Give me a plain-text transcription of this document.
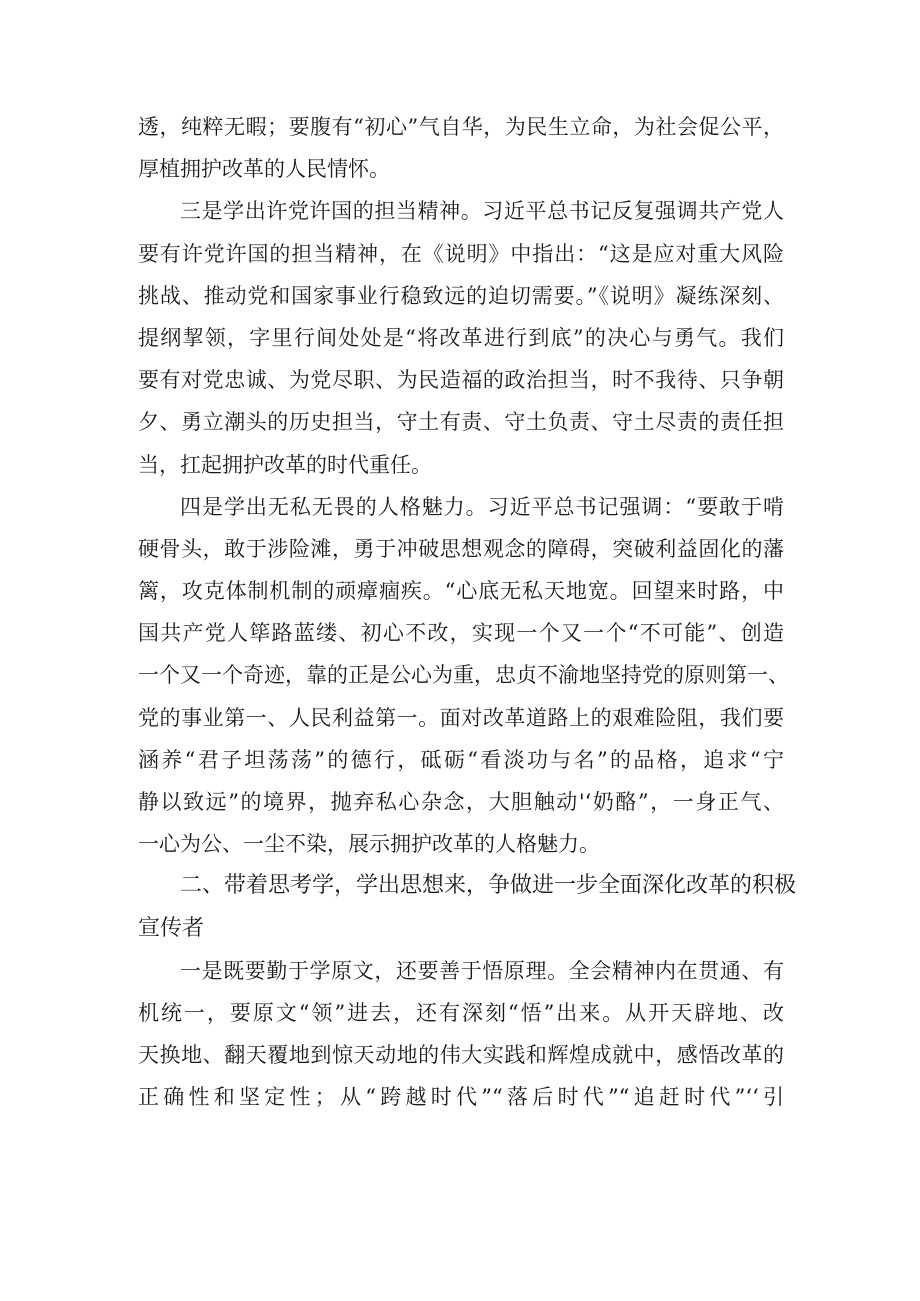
透，纯粹无暇；要腹有“初心”气自华，为民生立命，为社会促公平，
厚植拥护改革的人民情怀。
三是学出许党许国的担当精神。习近平总书记反复强调共产党人
要有许党许国的担当精神，在《说明》中指出：“这是应对重大风险
挑战、推动党和国家事业行稳致远的迫切需要。”《说明》凝练深刻、
提纲挈领，字里行间处处是“将改革进行到底”的决心与勇气。我们
要有对党忠诚、为党尽职、为民造福的政治担当，时不我待、只争朝
夕、勇立潮头的历史担当，守土有责、守土负责、守土尽责的责任担
当，扛起拥护改革的时代重任。
四是学出无私无畏的人格魅力。习近平总书记强调：“要敢于啃
硬骨头，敢于涉险滩，勇于冲破思想观念的障碍，突破利益固化的藩
篱，攻克体制机制的顽瘴痼疾。“心底无私天地宽。回望来时路，中
国共产党人筚路蓝缕、初心不改，实现一个又一个“不可能”、创造
一个又一个奇迹，靠的正是公心为重，忠贞不渝地坚持党的原则第一、
党的事业第一、人民利益第一。面对改革道路上的艰难险阻，我们要
涵养“君子坦荡荡”的德行，砥砺“看淡功与名”的品格，追求“宁
静以致远”的境界，抛弃私心杂念，大胆触动'‘奶酪”，一身正气、
一心为公、一尘不染，展示拥护改革的人格魅力。
二、带着思考学，学出思想来，争做进一步全面深化改革的积极
宣传者
一是既要勤于学原文，还要善于悟原理。全会精神内在贯通、有
机统一，要原文“领”进去，还有深刻“悟”出来。从开天辟地、改
天换地、翻天覆地到惊天动地的伟大实践和辉煌成就中，感悟改革的
正确性和坚定性；从“跨越时代”“落后时代”“追赶时代”‘‘引
